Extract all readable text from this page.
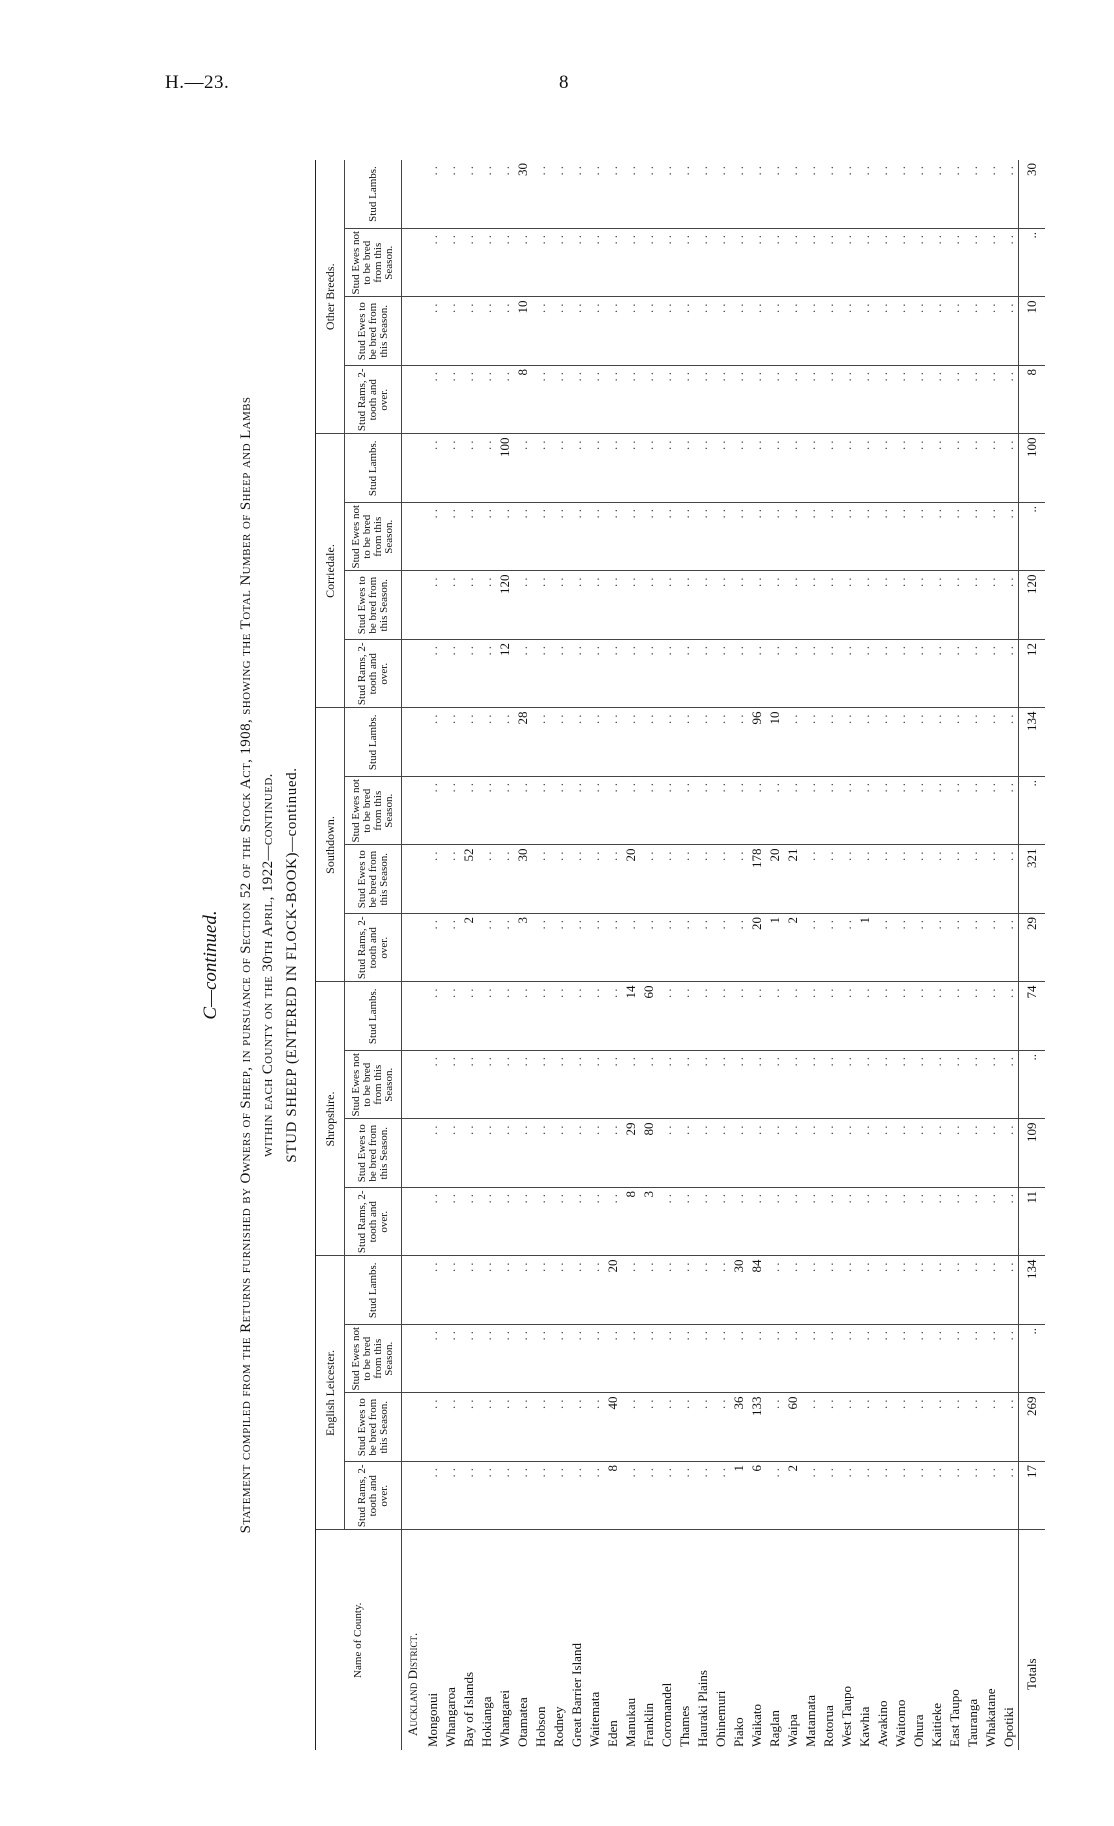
H.—23.	8
C—continued. Statement compiled from the Returns furnished by Owners of Sheep, in pursuance of Section 52 of the Stock Act, 1908, showing the Total Number of Sheep and Lambs within each County on the 30th April, 1922—continued. STUD SHEEP (ENTERED IN FLOCK-BOOK)—continued.
Name of County.	English Leicester.				Shropshire.				Southdown.				Corriedale.				Other Breeds.			
	Stud Rams, 2-tooth and over.	Stud Ewes to be bred from this Season.	Stud Ewes not to be bred from this Season.	Stud Lambs.	Stud Rams, 2-tooth and over.	Stud Ewes to be bred from this Season.	Stud Ewes not to be bred from this Season.	Stud Lambs.	Stud Rams, 2-tooth and over.	Stud Ewes to be bred from this Season.	Stud Ewes not to be bred from this Season.	Stud Lambs.	Stud Rams, 2-tooth and over.	Stud Ewes to be bred from this Season.	Stud Ewes not to be bred from this Season.	Stud Lambs.	Stud Rams, 2-tooth and over.	Stud Ewes to be bred from this Season.	Stud Ewes not to be bred from this Season.	Stud Lambs.
Auckland District.																				
Mongonui	..	..	..	..	..	..	..	..	..	..	..	..	..	..	..	..	..	..	..	..
Whangaroa	..	..	..	..	..	..	..	..	..	..	..	..	..	..	..	..	..	..	..	..
Bay of Islands	..	..	..	..	..	..	..	..	2	52	..	..	..	..	..	..	..	..	..	..
Hokianga	..	..	..	..	..	..	..	..	..	..	..	..	..	..	..	..	..	..	..	..
Whangarei	..	..	..	..	..	..	..	..	..	..	..	..	12	120	..	100	..	..	..	..
Otamatea	..	..	..	..	..	..	..	..	3	30	..	28	..	..	..	..	8	10	..	30
Hobson	..	..	..	..	..	..	..	..	..	..	..	..	..	..	..	..	..	..	..	..
Rodney	..	..	..	..	..	..	..	..	..	..	..	..	..	..	..	..	..	..	..	..
Great Barrier Island	..	..	..	..	..	..	..	..	..	..	..	..	..	..	..	..	..	..	..	..
Waitemata	..	..	..	..	..	..	..	..	..	..	..	..	..	..	..	..	..	..	..	..
Eden	8	40	..	20	..	..	..	..	..	..	..	..	..	..	..	..	..	..	..	..
Manukau	..	..	..	..	8	29	..	14	..	20	..	..	..	..	..	..	..	..	..	..
Franklin	..	..	..	..	3	80	..	60	..	..	..	..	..	..	..	..	..	..	..	..
Coromandel	..	..	..	..	..	..	..	..	..	..	..	..	..	..	..	..	..	..	..	..
Thames	..	..	..	..	..	..	..	..	..	..	..	..	..	..	..	..	..	..	..	..
Hauraki Plains	..	..	..	..	..	..	..	..	..	..	..	..	..	..	..	..	..	..	..	..
Ohinemuri	..	..	..	..	..	..	..	..	..	..	..	..	..	..	..	..	..	..	..	..
Piako	1	36	..	30	..	..	..	..	..	..	..	..	..	..	..	..	..	..	..	..
Waikato	6	133	..	84	..	..	..	..	20	178	..	96	..	..	..	..	..	..	..	..
Raglan	..	..	..	..	..	..	..	..	1	20	..	10	..	..	..	..	..	..	..	..
Waipa	2	60	..	..	..	..	..	..	2	21	..	..	..	..	..	..	..	..	..	..
Matamata	..	..	..	..	..	..	..	..	..	..	..	..	..	..	..	..	..	..	..	..
Rotorua	..	..	..	..	..	..	..	..	..	..	..	..	..	..	..	..	..	..	..	..
West Taupo	..	..	..	..	..	..	..	..	..	..	..	..	..	..	..	..	..	..	..	..
Kawhia	..	..	..	..	..	..	..	..	1	..	..	..	..	..	..	..	..	..	..	..
Awakino	..	..	..	..	..	..	..	..	..	..	..	..	..	..	..	..	..	..	..	..
Waitomo	..	..	..	..	..	..	..	..	..	..	..	..	..	..	..	..	..	..	..	..
Ohura	..	..	..	..	..	..	..	..	..	..	..	..	..	..	..	..	..	..	..	..
Kaitieke	..	..	..	..	..	..	..	..	..	..	..	..	..	..	..	..	..	..	..	..
East Taupo	..	..	..	..	..	..	..	..	..	..	..	..	..	..	..	..	..	..	..	..
Tauranga	..	..	..	..	..	..	..	..	..	..	..	..	..	..	..	..	..	..	..	..
Whakatane	..	..	..	..	..	..	..	..	..	..	..	..	..	..	..	..	..	..	..	..
Opotiki	..	..	..	..	..	..	..	..	..	..	..	..	..	..	..	..	..	..	..	..
Totals	17	269	..	134	11	109	..	74	29	321	..	134	12	120	..	100	8	10	..	30
